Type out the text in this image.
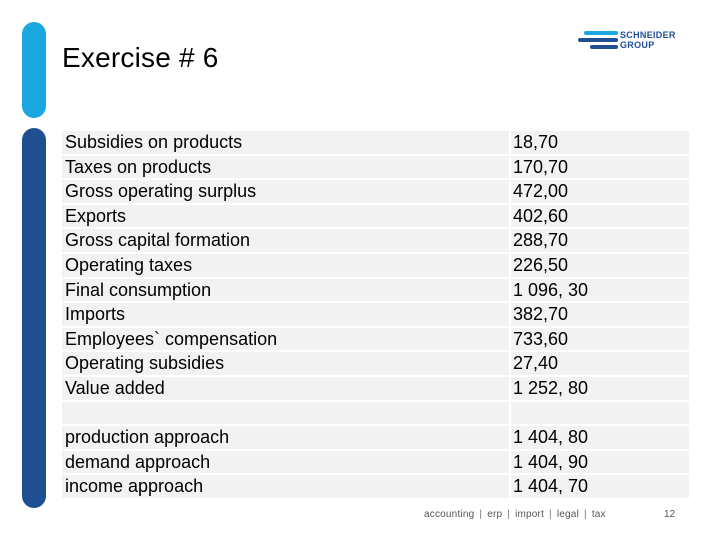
Exercise # 6
SCHNEIDER
GROUP
Subsidies on products	18,70
Taxes on products	170,70
Gross operating surplus	472,00
Exports	402,60
Gross capital formation	288,70
Operating taxes	226,50
Final consumption	1 096, 30
Imports	382,70
Employees` compensation	733,60
Operating subsidies	27,40
Value added	1 252, 80

production approach	1 404, 80
demand approach	1 404, 90
income approach	1 404, 70
accounting | erp | import | legal | tax	12
